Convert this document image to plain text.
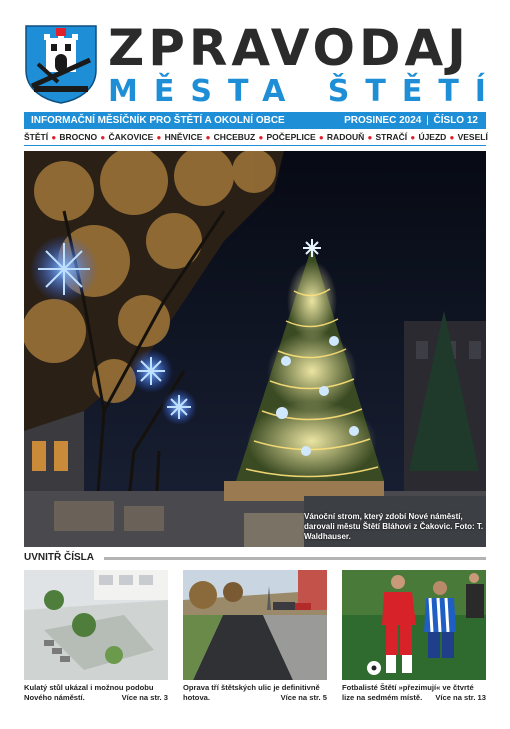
ZPRAVODAJ
MĚSTA ŠTĚTÍ
INFORMAČNÍ MĚSÍČNÍK PRO ŠTĚTÍ A OKOLNÍ OBCE	PROSINEC 2024 | ČÍSLO 12
ŠTĚTÍ ● BROCNO ● ČAKOVICE ● HNĚVICE ● CHCEBUZ ● POČEPLICE ● RADOUŇ ● STRAČÍ ● ÚJEZD ● VESELÍ
Vánoční strom, který zdobí Nové náměstí, darovali městu Štětí Bláhovi z Čakovic. Foto: T. Waldhauser.
UVNITŘ ČÍSLA
Kulatý stůl ukázal i možnou podobu Nového náměstí.	Více na str. 3
Oprava tří štětských ulic je definitivně hotova.	Více na str. 5
Fotbalisté Štětí »přezimují« ve čtvrté lize na sedmém místě. Více na str. 13
